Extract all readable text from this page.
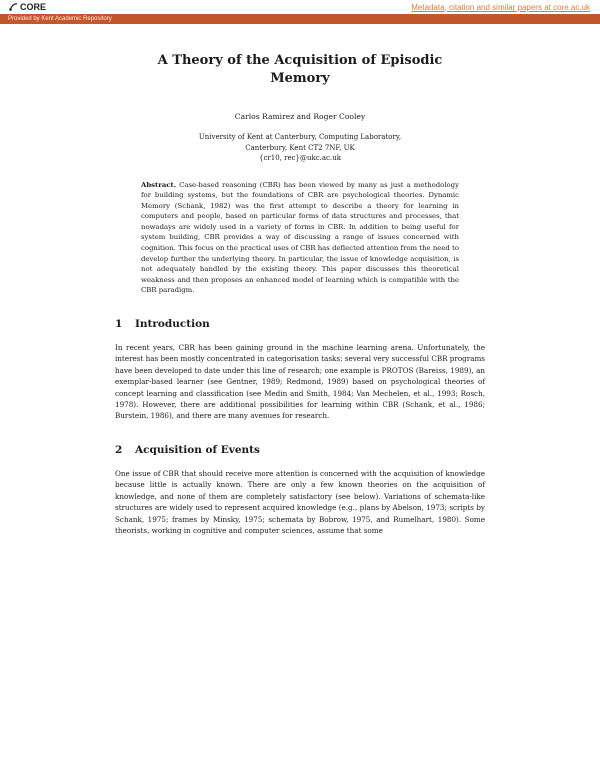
CORE	Metadata, citation and similar papers at core.ac.uk
Provided by Kent Academic Repository
A Theory of the Acquisition of Episodic Memory
Carlos Ramirez and Roger Cooley
University of Kent at Canterbury, Computing Laboratory,
Canterbury, Kent CT2 7NF, UK
{cr10, rec}@ukc.ac.uk
Abstract. Case-based reasoning (CBR) has been viewed by many as just a methodology for building systems, but the foundations of CBR are psychological theories. Dynamic Memory (Schank, 1982) was the first attempt to describe a theory for learning in computers and people, based on particular forms of data structures and processes, that nowadays are widely used in a variety of forms in CBR. In addition to being useful for system building, CBR provides a way of discussing a range of issues concerned with cognition. This focus on the practical uses of CBR has deflected attention from the need to develop further the underlying theory. In particular, the issue of knowledge acquisition, is not adequately handled by the existing theory. This paper discusses this theoretical weakness and then proposes an enhanced model of learning which is compatible with the CBR paradigm.
1 Introduction

In recent years, CBR has been gaining ground in the machine learning arena. Unfortunately, the interest has been mostly concentrated in categorisation tasks; several very successful CBR programs have been developed to date under this line of research; one example is PROTOS (Bareiss, 1989), an exemplar-based learner (see Gentner, 1989; Redmond, 1989) based on psychological theories of concept learning and classification (see Medin and Smith, 1984; Van Mechelen, et al., 1993; Rosch, 1978). However, there are additional possibilities for learning within CBR (Schank, et al., 1986; Burstein, 1986), and there are many avenues for research.

2 Acquisition of Events

One issue of CBR that should receive more attention is concerned with the acquisition of knowledge because little is actually known. There are only a few known theories on the acquisition of knowledge, and none of them are completely satisfactory (see below). Variations of schemata-like structures are widely used to represent acquired knowledge (e.g., plans by Abelson, 1973; scripts by Schank, 1975; frames by Minsky, 1975; schemata by Bobrow, 1975, and Rumelhart, 1980). Some theorists, working in cognitive and computer sciences, assume that some
